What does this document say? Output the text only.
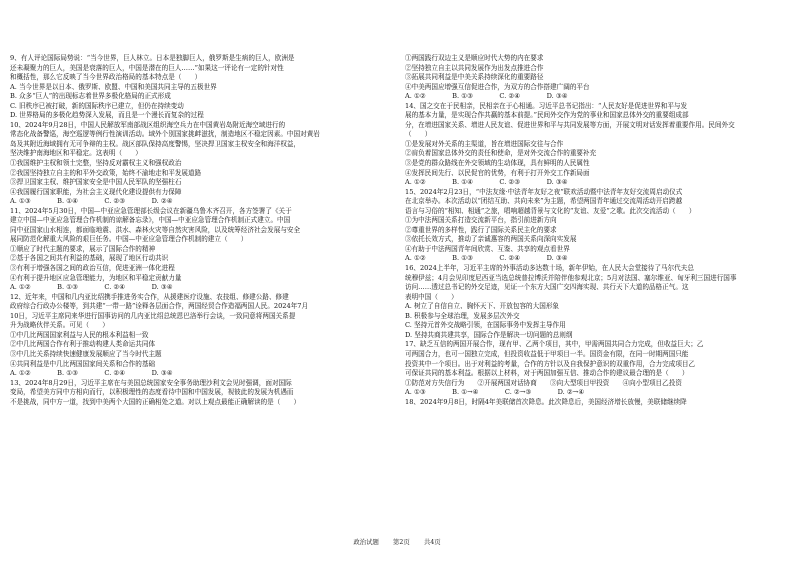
9、有人评论国际局势说：“当今世界，巨人林立。日本是独脚巨人，俄罗斯是生病的巨人，欧洲是

还未凝聚力的巨人，美国是衰落的巨人，中国是潜在的巨人……”如果这一评论有一定的针对性

和概括性，那么它反映了当今世界政治格局的基本特点是（　　）

A. 当今世界是以日本、俄罗斯、欧盟、中国和美国共同主导的五极世界

B. 众多“巨人”的出现标志着世界多极化格局的正式形成

C. 旧秩序已被打破，新的国际秩序已建立，但仍在持续变动

D. 世界格局的多极化趋势深入发展，而且是一个漫长而复杂的过程

10、2024年9月28日，中国人民解放军南部战区组织海空兵力在中国黄岩岛附近海空域进行的

常态化战备警巡，海空巡逻等例行性演训活动。域外个别国家挑衅滋扰，制造地区不稳定因素。中国对黄岩

岛及其附近海域拥有无可争辩的主权。战区部队保持高度警惕，坚决捍卫国家主权安全和海洋权益，

坚决维护南海地区和平稳定。这表明（　　）

①我国维护主权和领土完整，坚持反对霸权主义和强权政治

②我国坚持独立自主的和平外交政策，始终不渝地走和平发展道路

③捍卫国家主权、维护国家安全是中国人民军队的坚强柱石

④我国履行国家职能，为社会主义现代化建设提供有力保障

A. ①③　　　　B. ①④　　　　C. ②③　　　　D. ②④

11、2024年5月30日，中国—中亚应急管理部长级会议在新疆乌鲁木齐召开，各方签署了《关于

建立中国—中亚应急管理合作机制的谅解备忘录》，中国—中亚应急管理合作机制正式建立。中国

同中亚国家山水相连，都面临地震、洪水、森林火灾等自然灾害风险，以及统筹经济社会发展与安全

展同防范化解重大风险的艰巨任务。中国—中亚应急管理合作机制的建立（　　）

①顺应了时代主题的要求，展示了国际合作的精神

②基于各国之间共有利益的基础，展现了地区行动共识

③有利于增强各国之间的政治互信，促进亚洲一体化进程

④有利于提升地区应急管理能力，为地区和平稳定贡献力量

A. ①②　　　　B. ①③　　　　C. ②④　　　　D. ③④

12、近年来，中国和几内亚比绍携手推进务实合作，从援建医疗设施、农技组、修建公路、修建

政府综合行政办公楼等，到共建“一带一路”诠释各层面合作，两国经贸合作造福两国人民。2024年7月

10日，习近平主席同来华进行国事访问的几内亚比绍总统恩巴洛举行会谈，一致同意将两国关系提

升为战略伙伴关系。可见（　　）

①中几比两国国家利益与人民的根本利益相一致

②中几比两国合作有利于推动构建人类命运共同体

③中几比关系持续快速健康发展顺应了当今时代主题

④共同利益是中几比两国国家间关系和合作的基础

A. ①②　　　　B. ①③　　　　C. ②④　　　　D. ③④

13、2024年8月29日，习近平主席在与美国总统国家安全事务助理沙利文会见时强调，面对国际

变局，希望美方同中方相向而行，以积极理性的态度看待中国和中国发展，视彼此的发展为机遇而

不是挑战，同中方一道，找到中美两个大国的正确相处之道。对以上观点最能正确解读的是（　　）

①两国践行双边主义是顺应时代大势的内在要求

②坚持独立自主以共同发展作为出发点推进合作

③拓展共同利益是中美关系持续深化的重要路径

④中美两国应增强互信促进合作，为双方的合作搭建广阔的平台

A. ①②　　　　B. ①③　　　　C. ②④　　　　D. ③④

14、国之交在于民相亲，民相亲在于心相通。习近平总书记指出：“人民友好是促进世界和平与发

展的基本力量，是实现合作共赢的基本前提。”民间外交作为党的事业和国家总体外交的重要组成部

分，在增进国家关系、增进人民友谊、促进世界和平与共同发展等方面，开展文明对话发挥着重要作用。民间外交

（　　）

①是发展对外关系的主渠道，旨在增进国际交往与合作

②肩负着国家总体外交的责任和使命，是对外交流合作的重要补充

③是党的群众路线在外交领域的生动体现，具有鲜明的人民属性

④发挥民间先行、以民促官的优势，有利于打开外交工作新局面

A. ①②　　　　B. ①④　　　　C. ②③　　　　D. ③④

15、2024年2月23日，“中法友缘·中法青年友好之夜”联欢活动暨中法青年友好交流周启动仪式

在北京举办。本次活动以“团结互助、共向未来”为主题，希望两国青年通过交流周活动开启跨越

语言与习俗的“相知、相通”之旅，唱响超越背景与文化的“友谊、友爱”之歌。此次交流活动（　　）

①为中法两国关系打造交流新平台，指引前进新方向

②尊重世界的多样性，践行了国际关系民主化的要求

③依托长效方式，推动了亲诚惠容的两国关系向深向实发展

④有助于中法两国青年间欣赏、互鉴、共享的观点看世界

A. ①②　　　　B. ①③　　　　C. ②④　　　　D. ③④

16、2024上半年，习近平主席的外事活动多达数十场，新年伊始，在人民大会堂接待了马尔代夫总

统穆伊兹；4月会见印度尼西亚当选总统普拉博沃并陪伴他参观北京；5月对法国、塞尔维亚、匈牙利三国进行国事

访问……透过总书记的外交足迹，见证一个东方大国广交四海实现、共行天下大道的品格正气。这

表明中国（　　）

A. 树立了自信自立、胸怀天下、开放包容的大国形象

B. 积极参与全球治理，发展多层次外交

C. 坚持元首外交战略引领，在国际事务中发挥主导作用

D. 坚持共商共建共享，国际合作是解决一切问题的总则纲

17、缺乏互信的两国开展合作，现有甲、乙两个项目，其中，甲需两国共同合力完成，但收益巨大；乙

可两国合力，也可一国独立完成，但投资收益低于甲项目一半。国资金有限，在同一时期两国只能

投资其中一个项目。出于对利益的考量，合作的方针以及自我保护意识的双重作用，合力完成项目乙

可保证共同的基本利益。根据以上材料，对于两国加强互信、推动合作的建议最合理的是（　　）

①防范对方失信行为　　②开展两国对话协商　　③向大型项目甲投资　　④向小型项目乙投资

A. ①③　　　　B. ①→④　　　　C. ②→③　　　　D. ②→④

18、2024年9月8日，时隔4年美联储首次降息。此次降息后，美国经济增长放慢，美联储继续降

政治试题 第2页 共4页
